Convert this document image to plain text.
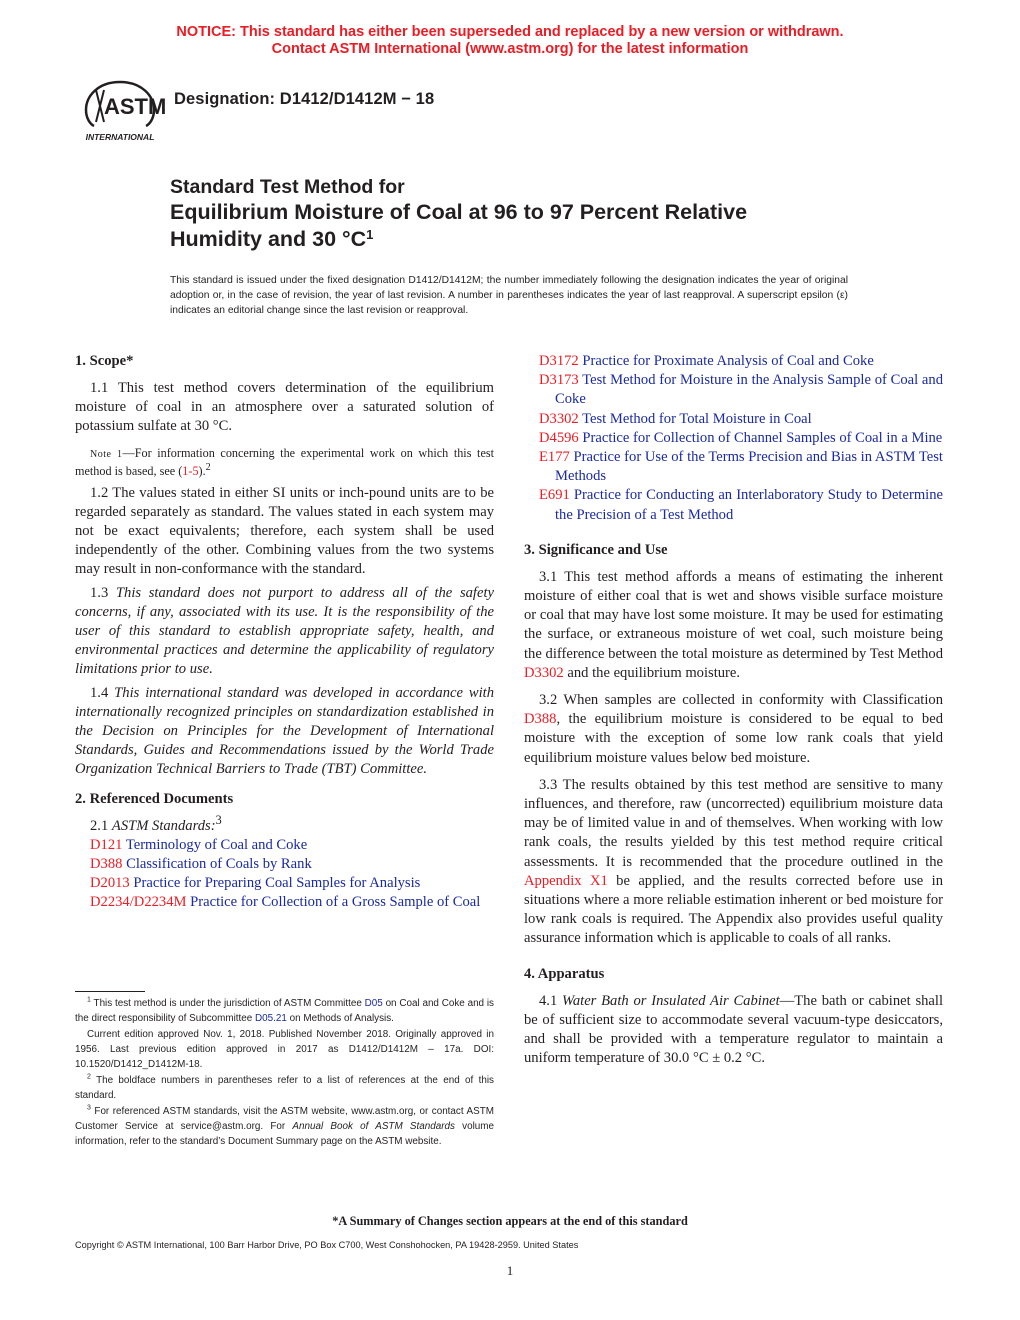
NOTICE: This standard has either been superseded and replaced by a new version or withdrawn.
Contact ASTM International (www.astm.org) for the latest information
ASTM
INTERNATIONAL
Designation: D1412/D1412M − 18
Standard Test Method for
Equilibrium Moisture of Coal at 96 to 97 Percent Relative
Humidity and 30 $^\circ C^1$
This standard is issued under the fixed designation D1412/D1412M; the number immediately following the designation indicates the year of original adoption or, in the case of revision, the year of last revision. A number in parentheses indicates the year of last reapproval. A superscript epsilon (ε) indicates an editorial change since the last revision or reapproval.
1. Scope*

1.1 This test method covers determination of the equilibrium moisture of coal in an atmosphere over a saturated solution of potassium sulfate at 30 °C.

Note 1—For information concerning the experimental work on which this test method is based, see (1-5).$^2$

1.2 The values stated in either SI units or inch-pound units are to be regarded separately as standard. The values stated in each system may not be exact equivalents; therefore, each system shall be used independently of the other. Combining values from the two systems may result in non-conformance with the standard.

1.3 This standard does not purport to address all of the safety concerns, if any, associated with its use. It is the responsibility of the user of this standard to establish appropriate safety, health, and environmental practices and determine the applicability of regulatory limitations prior to use.

1.4 This international standard was developed in accordance with internationally recognized principles on standardization established in the Decision on Principles for the Development of International Standards, Guides and Recommendations issued by the World Trade Organization Technical Barriers to Trade (TBT) Committee.

2. Referenced Documents

2.1 ASTM Standards:$^3$

D121 Terminology of Coal and Coke

D388 Classification of Coals by Rank

D2013 Practice for Preparing Coal Samples for Analysis

D2234/D2234M Practice for Collection of a Gross Sample of Coal

$^1$ This test method is under the jurisdiction of ASTM Committee D05 on Coal and Coke and is the direct responsibility of Subcommittee D05.21 on Methods of Analysis.

Current edition approved Nov. 1, 2018. Published November 2018. Originally approved in 1956. Last previous edition approved in 2017 as D1412/D1412M – 17a. DOI: 10.1520/D1412_D1412M-18.

$^2$ The boldface numbers in parentheses refer to a list of references at the end of this standard.

$^3$ For referenced ASTM standards, visit the ASTM website, www.astm.org, or contact ASTM Customer Service at service@astm.org. For Annual Book of ASTM Standards volume information, refer to the standard’s Document Summary page on the ASTM website.

D3172 Practice for Proximate Analysis of Coal and Coke

D3173 Test Method for Moisture in the Analysis Sample of Coal and Coke

D3302 Test Method for Total Moisture in Coal

D4596 Practice for Collection of Channel Samples of Coal in a Mine

E177 Practice for Use of the Terms Precision and Bias in ASTM Test Methods

E691 Practice for Conducting an Interlaboratory Study to Determine the Precision of a Test Method

3. Significance and Use

3.1 This test method affords a means of estimating the inherent moisture of either coal that is wet and shows visible surface moisture or coal that may have lost some moisture. It may be used for estimating the surface, or extraneous moisture of wet coal, such moisture being the difference between the total moisture as determined by Test Method D3302 and the equilibrium moisture.

3.2 When samples are collected in conformity with Classification D388, the equilibrium moisture is considered to be equal to bed moisture with the exception of some low rank coals that yield equilibrium moisture values below bed moisture.

3.3 The results obtained by this test method are sensitive to many influences, and therefore, raw (uncorrected) equilibrium moisture data may be of limited value in and of themselves. When working with low rank coals, the results yielded by this test method require critical assessments. It is recommended that the procedure outlined in the Appendix X1 be applied, and the results corrected before use in situations where a more reliable estimation inherent or bed moisture for low rank coals is required. The Appendix also provides useful quality assurance information which is applicable to coals of all ranks.

4. Apparatus

4.1 Water Bath or Insulated Air Cabinet—The bath or cabinet shall be of sufficient size to accommodate several vacuum-type desiccators, and shall be provided with a temperature regulator to maintain a uniform temperature of 30.0 °C ± 0.2 °C.

*A Summary of Changes section appears at the end of this standard
Copyright © ASTM International, 100 Barr Harbor Drive, PO Box C700, West Conshohocken, PA 19428-2959. United States
1
